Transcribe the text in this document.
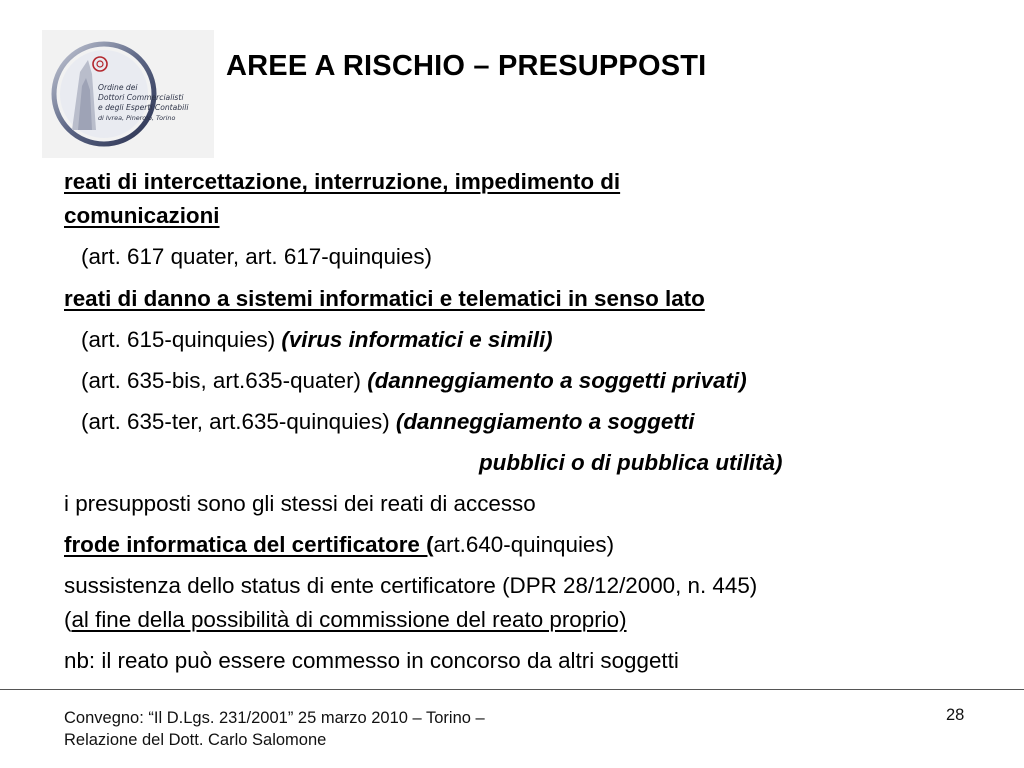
Ordine dei
Dottori Commercialisti
e degli Esperti Contabili
di Ivrea, Pinerolo, Torino
AREE A RISCHIO – PRESUPPOSTI
reati di intercettazione, interruzione, impedimento di
comunicazioni
(art. 617 quater, art. 617-quinquies)
reati di danno a sistemi informatici e telematici in senso lato
(art. 615-quinquies) (virus informatici e simili)
(art. 635-bis, art.635-quater) (danneggiamento a soggetti privati)
(art. 635-ter, art.635-quinquies) (danneggiamento a soggetti
pubblici o di pubblica utilità)
i presupposti sono gli stessi dei reati di accesso
frode informatica del certificatore (art.640-quinquies)
sussistenza dello status di ente certificatore (DPR 28/12/2000, n. 445)
(al fine della possibilità di commissione del reato proprio)
nb: il reato può essere commesso in concorso da altri soggetti
Convegno: “Il D.Lgs. 231/2001” 25 marzo 2010 – Torino –
Relazione del Dott. Carlo Salomone
28
